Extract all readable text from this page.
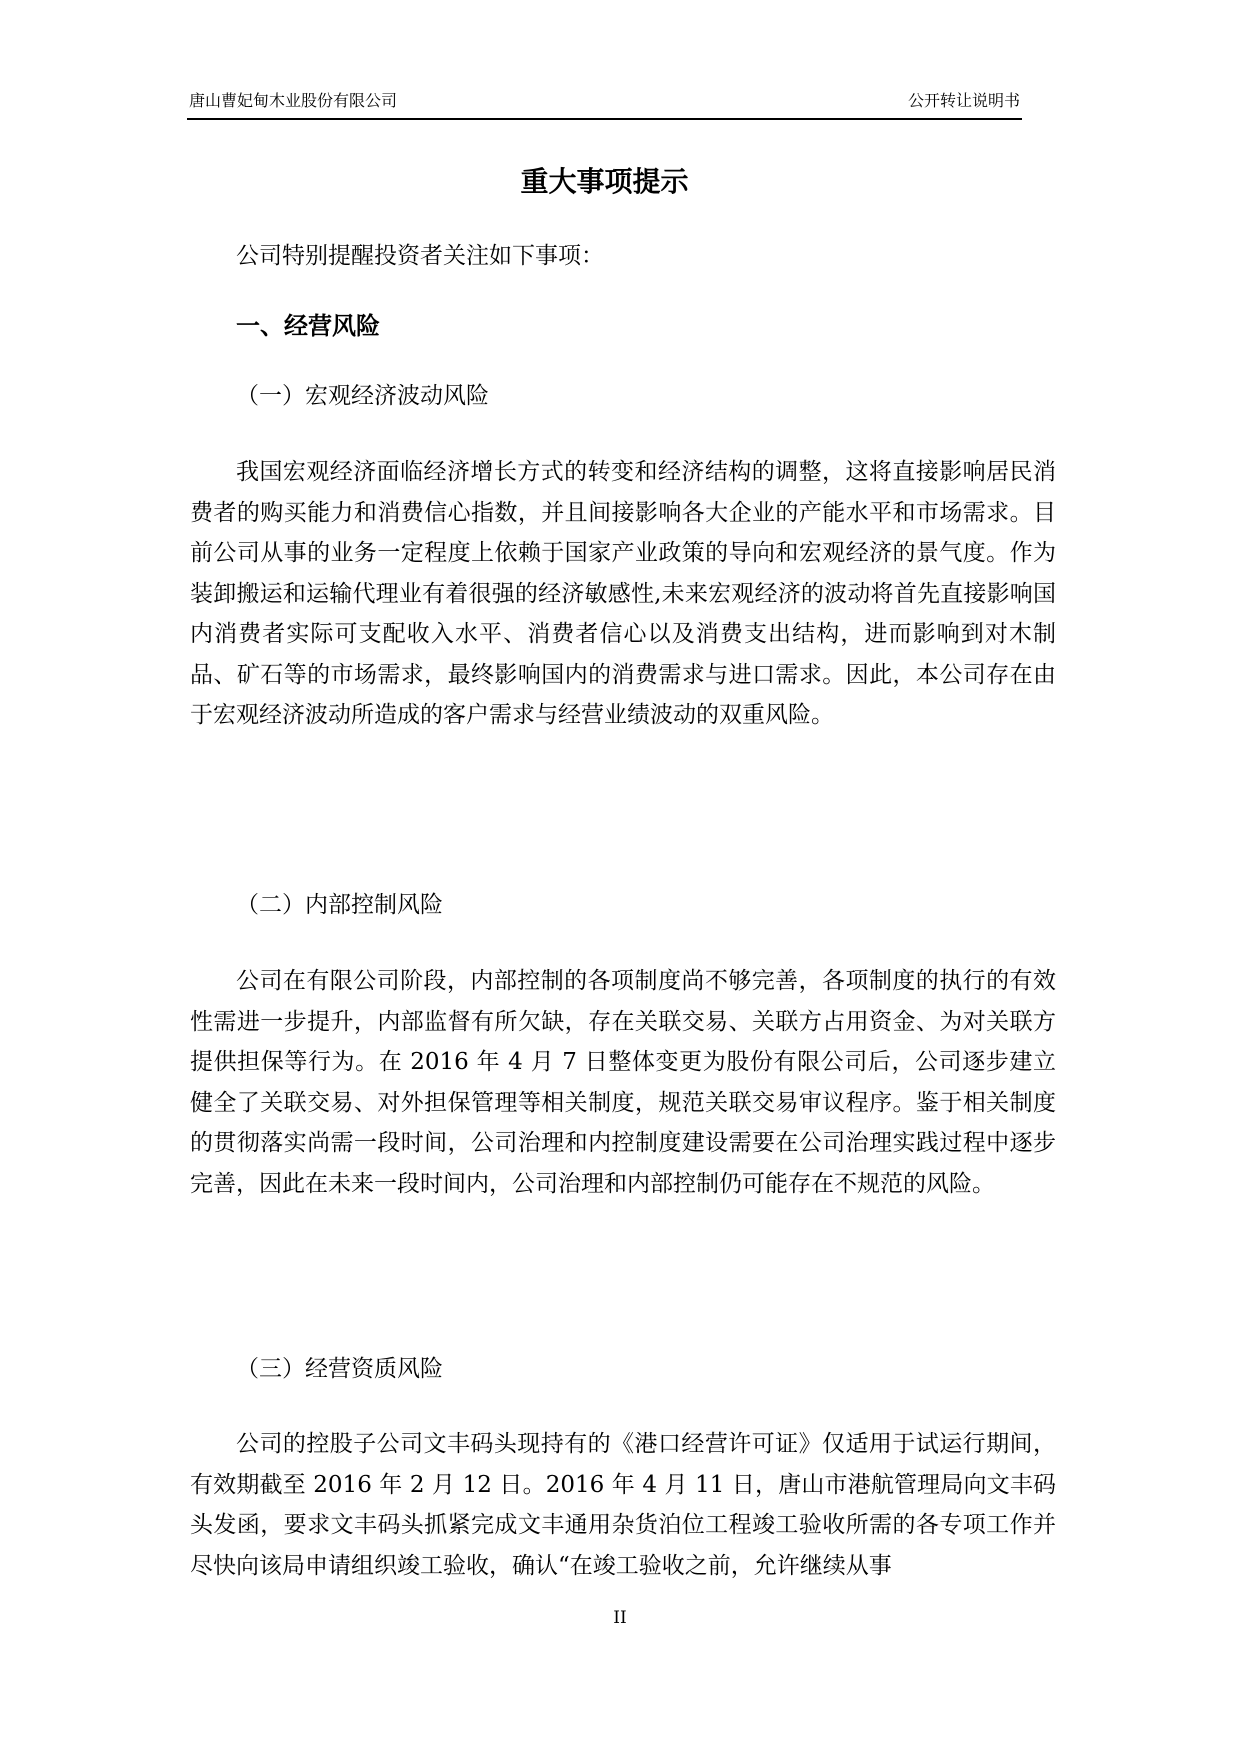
唐山曹妃甸木业股份有限公司	公开转让说明书
重大事项提示
公司特别提醒投资者关注如下事项：
一、经营风险
（一）宏观经济波动风险
我国宏观经济面临经济增长方式的转变和经济结构的调整，这将直接影响居民消费者的购买能力和消费信心指数，并且间接影响各大企业的产能水平和市场需求。目前公司从事的业务一定程度上依赖于国家产业政策的导向和宏观经济的景气度。作为装卸搬运和运输代理业有着很强的经济敏感性,未来宏观经济的波动将首先直接影响国内消费者实际可支配收入水平、消费者信心以及消费支出结构，进而影响到对木制品、矿石等的市场需求，最终影响国内的消费需求与进口需求。因此，本公司存在由于宏观经济波动所造成的客户需求与经营业绩波动的双重风险。
（二）内部控制风险
公司在有限公司阶段，内部控制的各项制度尚不够完善，各项制度的执行的有效性需进一步提升，内部监督有所欠缺，存在关联交易、关联方占用资金、为对关联方提供担保等行为。在 2016 年 4 月 7 日整体变更为股份有限公司后，公司逐步建立健全了关联交易、对外担保管理等相关制度，规范关联交易审议程序。鉴于相关制度的贯彻落实尚需一段时间，公司治理和内控制度建设需要在公司治理实践过程中逐步完善，因此在未来一段时间内，公司治理和内部控制仍可能存在不规范的风险。
（三）经营资质风险
公司的控股子公司文丰码头现持有的《港口经营许可证》仅适用于试运行期间，有效期截至 2016 年 2 月 12 日。2016 年 4 月 11 日，唐山市港航管理局向文丰码头发函，要求文丰码头抓紧完成文丰通用杂货泊位工程竣工验收所需的各专项工作并尽快向该局申请组织竣工验收，确认“在竣工验收之前，允许继续从事
II
